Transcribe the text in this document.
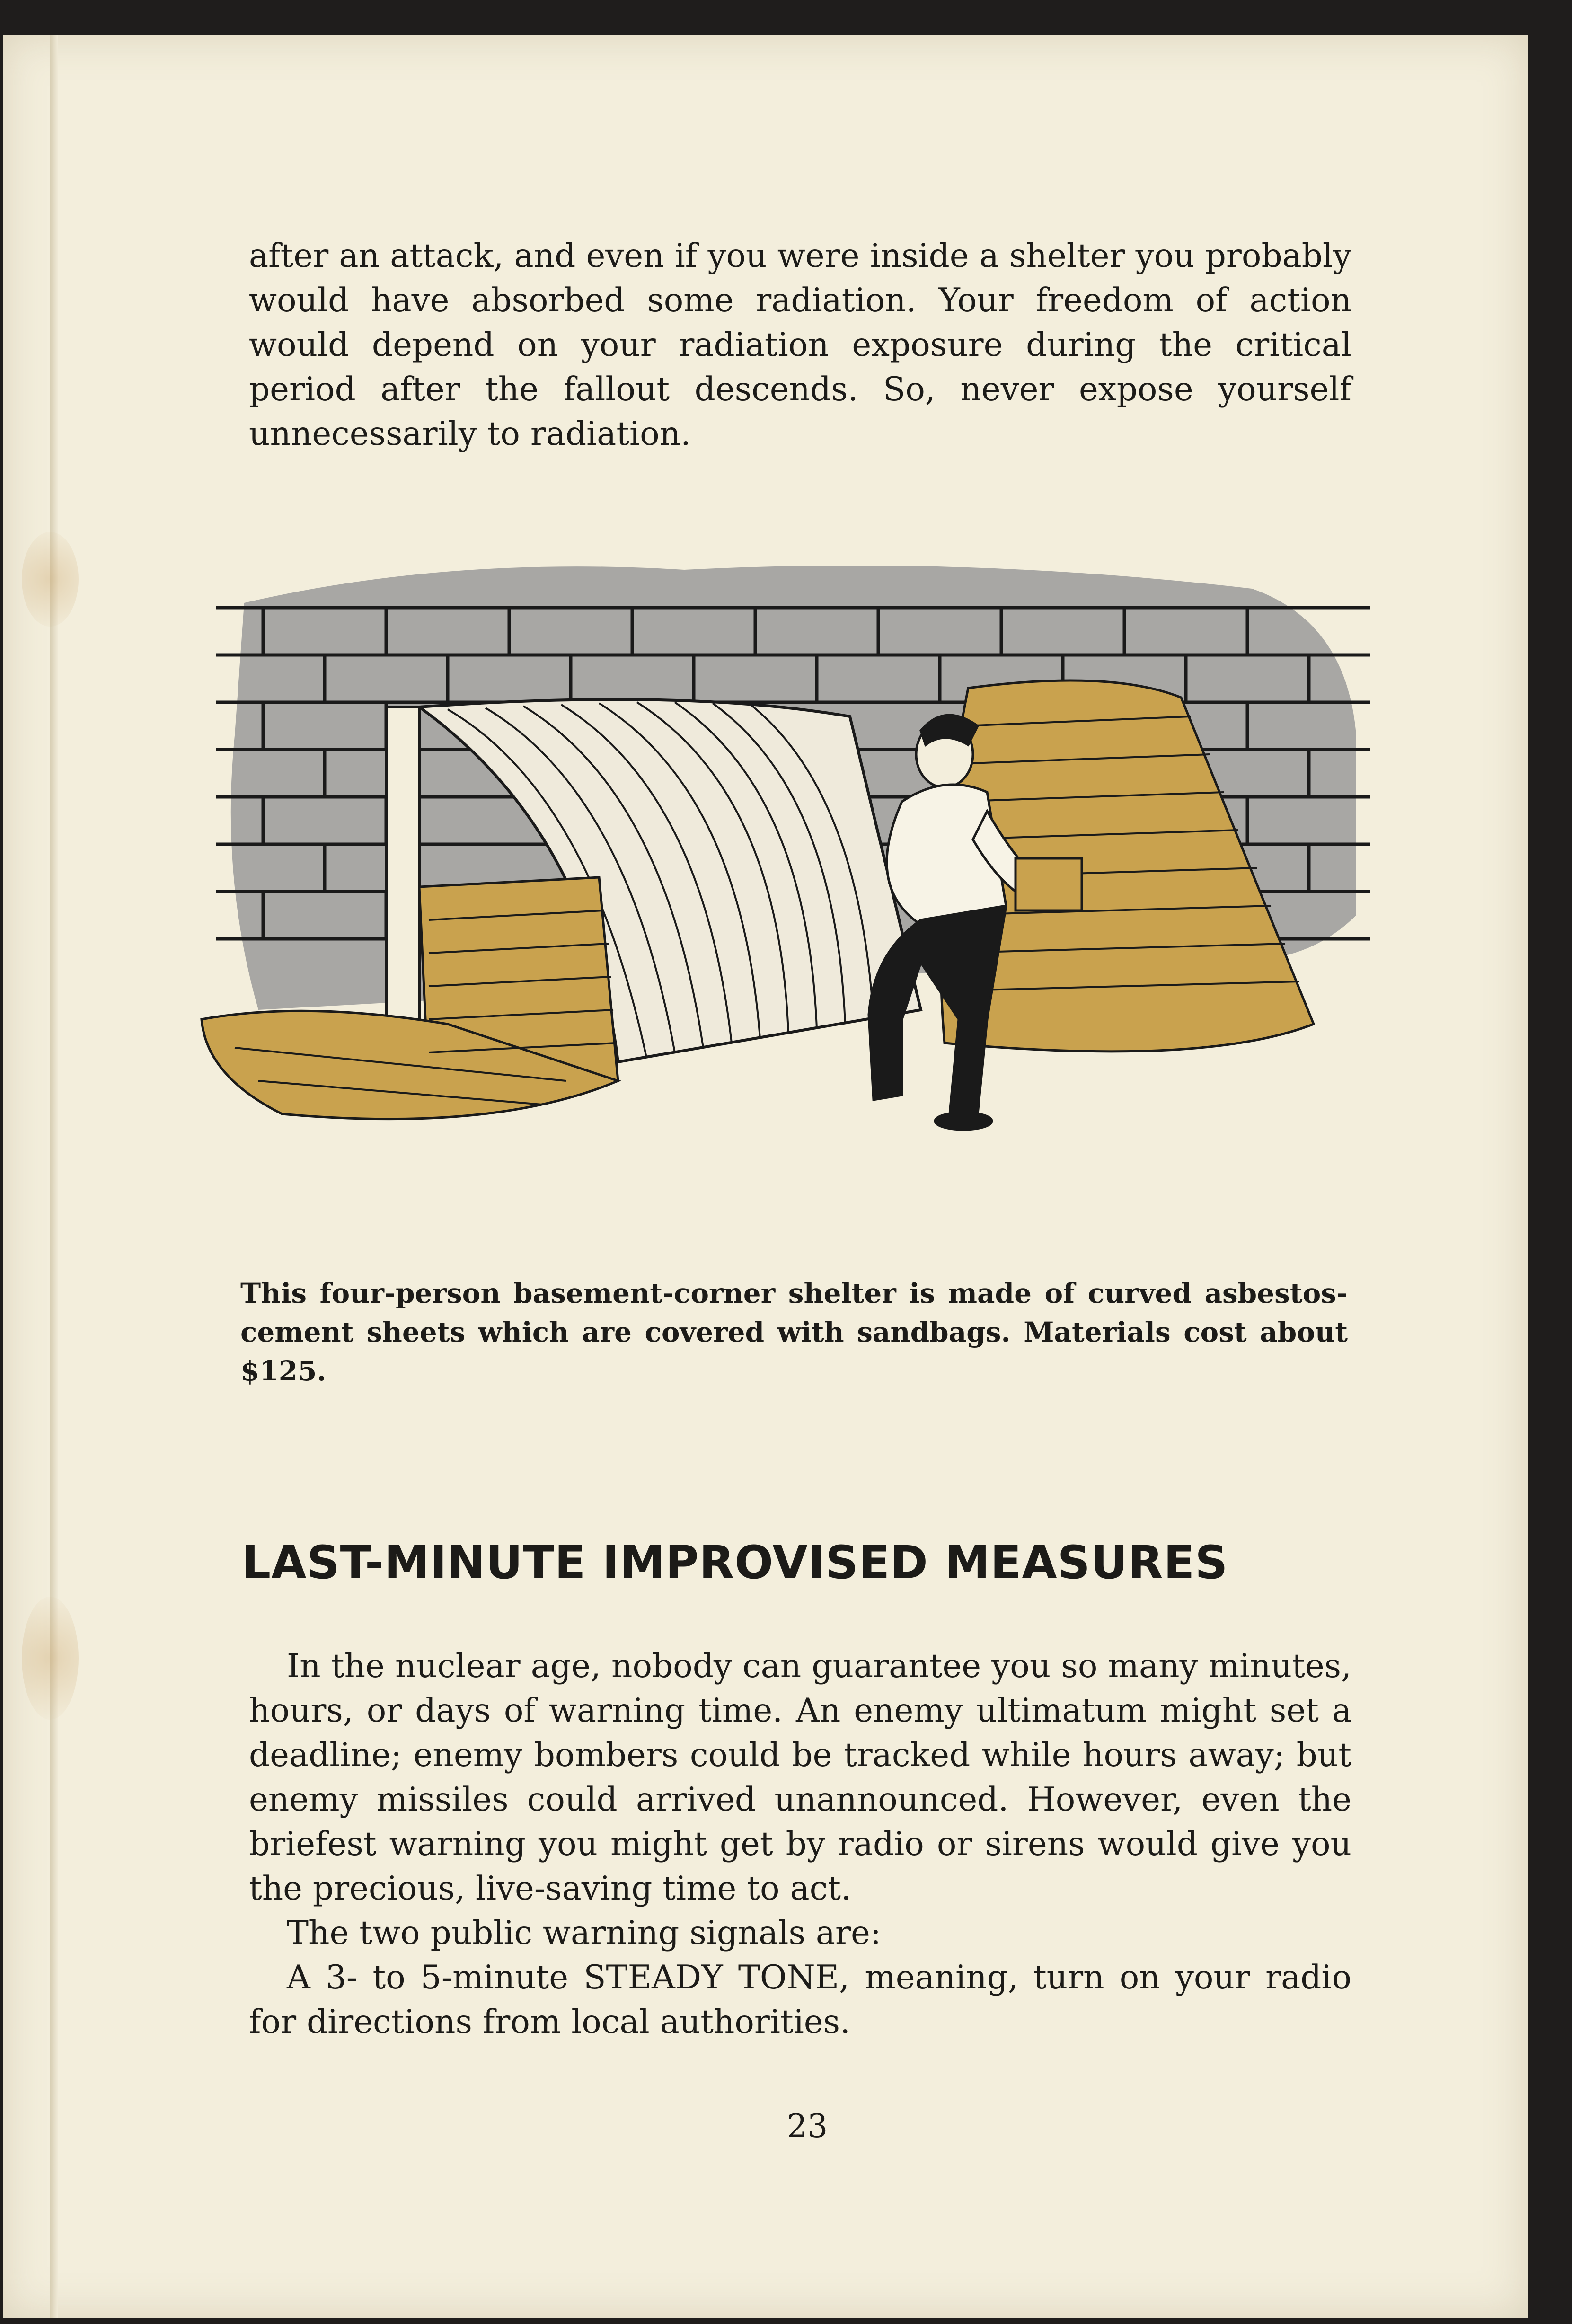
after an attack, and even if you were inside a shelter you probably would have absorbed some radiation. Your freedom of action would depend on your radiation exposure during the critical period after the fallout descends. So, never expose yourself unnecessarily to radiation.

This four-person basement-corner shelter is made of curved asbestos-cement sheets which are covered with sandbags. Materials cost about $125.

LAST-MINUTE IMPROVISED MEASURES

In the nuclear age, nobody can guarantee you so many minutes, hours, or days of warning time. An enemy ultimatum might set a deadline; enemy bombers could be tracked while hours away; but enemy missiles could arrived unannounced. However, even the briefest warning you might get by radio or sirens would give you the precious, live-saving time to act.

The two public warning signals are:

A 3- to 5-minute STEADY TONE, meaning, turn on your radio for directions from local authorities.

23
